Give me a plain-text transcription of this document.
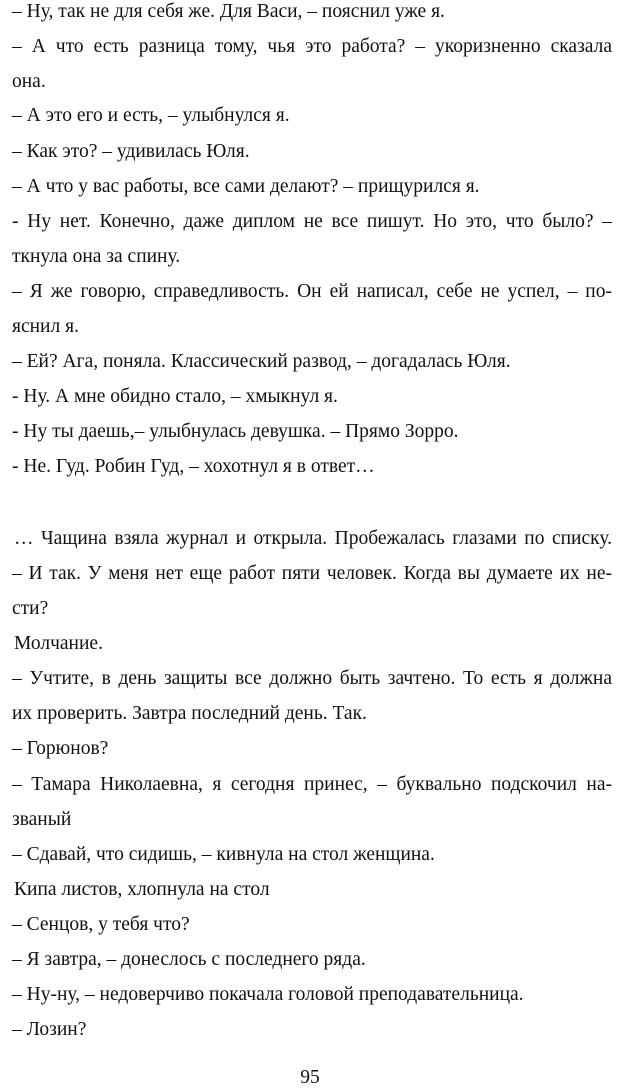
– Ну, так не для себя же. Для Васи, – пояснил уже я.
– А что есть разница тому, чья это работа? – укоризненно сказала
она.
– А это его и есть, – улыбнулся я.
– Как это? – удивилась Юля.
– А что у вас работы, все сами делают? – прищурился я.
- Ну нет. Конечно, даже диплом не все пишут. Но это, что было? –
ткнула она за спину.
– Я же говорю, справедливость. Он ей написал, себе не успел, – по-
яснил я.
– Ей? Ага, поняла. Классический развод, – догадалась Юля.
- Ну. А мне обидно стало, – хмыкнул я.
- Ну ты даешь,– улыбнулась девушка. – Прямо Зорро.
- Не. Гуд. Робин Гуд, – хохотнул я в ответ…
… Чащина взяла журнал и открыла. Пробежалась глазами по списку.
– И так. У меня нет еще работ пяти человек. Когда вы думаете их не-
сти?
Молчание.
– Учтите, в день защиты все должно быть зачтено. То есть я должна
их проверить. Завтра последний день. Так.
– Горюнов?
– Тамара Николаевна, я сегодня принес, – буквально подскочил на-
званый
– Сдавай, что сидишь, – кивнула на стол женщина.
Кипа листов, хлопнула на стол
– Сенцов, у тебя что?
– Я завтра, – донеслось с последнего ряда.
– Ну-ну, – недоверчиво покачала головой преподавательница.
– Лозин?
95
